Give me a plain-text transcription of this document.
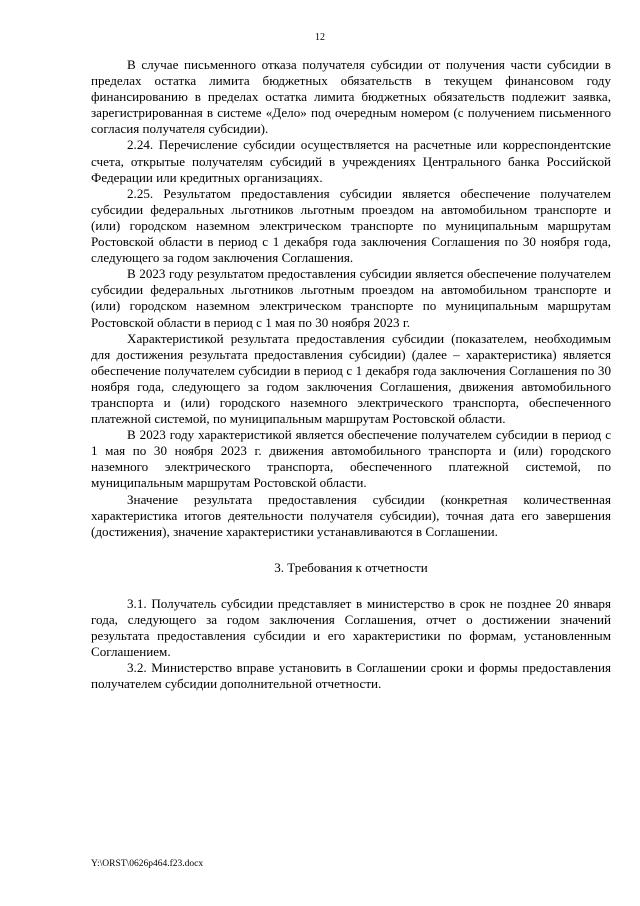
12

В случае письменного отказа получателя субсидии от получения части субсидии в пределах остатка лимита бюджетных обязательств в текущем финансовом году финансированию в пределах остатка лимита бюджетных обязательств подлежит заявка, зарегистрированная в системе «Дело» под очередным номером (с получением письменного согласия получателя субсидии).

2.24. Перечисление субсидии осуществляется на расчетные или корреспондентские счета, открытые получателям субсидий в учреждениях Центрального банка Российской Федерации или кредитных организациях.

2.25. Результатом предоставления субсидии является обеспечение получателем субсидии федеральных льготников льготным проездом на автомобильном транспорте и (или) городском наземном электрическом транспорте по муниципальным маршрутам Ростовской области в период с 1 декабря года заключения Соглашения по 30 ноября года, следующего за годом заключения Соглашения.

В 2023 году результатом предоставления субсидии является обеспечение получателем субсидии федеральных льготников льготным проездом на автомобильном транспорте и (или) городском наземном электрическом транспорте по муниципальным маршрутам Ростовской области в период с 1 мая по 30 ноября 2023 г.

Характеристикой результата предоставления субсидии (показателем, необходимым для достижения результата предоставления субсидии) (далее – характеристика) является обеспечение получателем субсидии в период с 1 декабря года заключения Соглашения по 30 ноября года, следующего за годом заключения Соглашения, движения автомобильного транспорта и (или) городского наземного электрического транспорта, обеспеченного платежной системой, по муниципальным маршрутам Ростовской области.

В 2023 году характеристикой является обеспечение получателем субсидии в период с 1 мая по 30 ноября 2023 г. движения автомобильного транспорта и (или) городского наземного электрического транспорта, обеспеченного платежной системой, по муниципальным маршрутам Ростовской области.

Значение результата предоставления субсидии (конкретная количественная характеристика итогов деятельности получателя субсидии), точная дата его завершения (достижения), значение характеристики устанавливаются в Соглашении.

3. Требования к отчетности

3.1. Получатель субсидии представляет в министерство в срок не позднее 20 января года, следующего за годом заключения Соглашения, отчет о достижении значений результата предоставления субсидии и его характеристики по формам, установленным Соглашением.

3.2. Министерство вправе установить в Соглашении сроки и формы предоставления получателем субсидии дополнительной отчетности.

Y:\ORST\0626p464.f23.docx
